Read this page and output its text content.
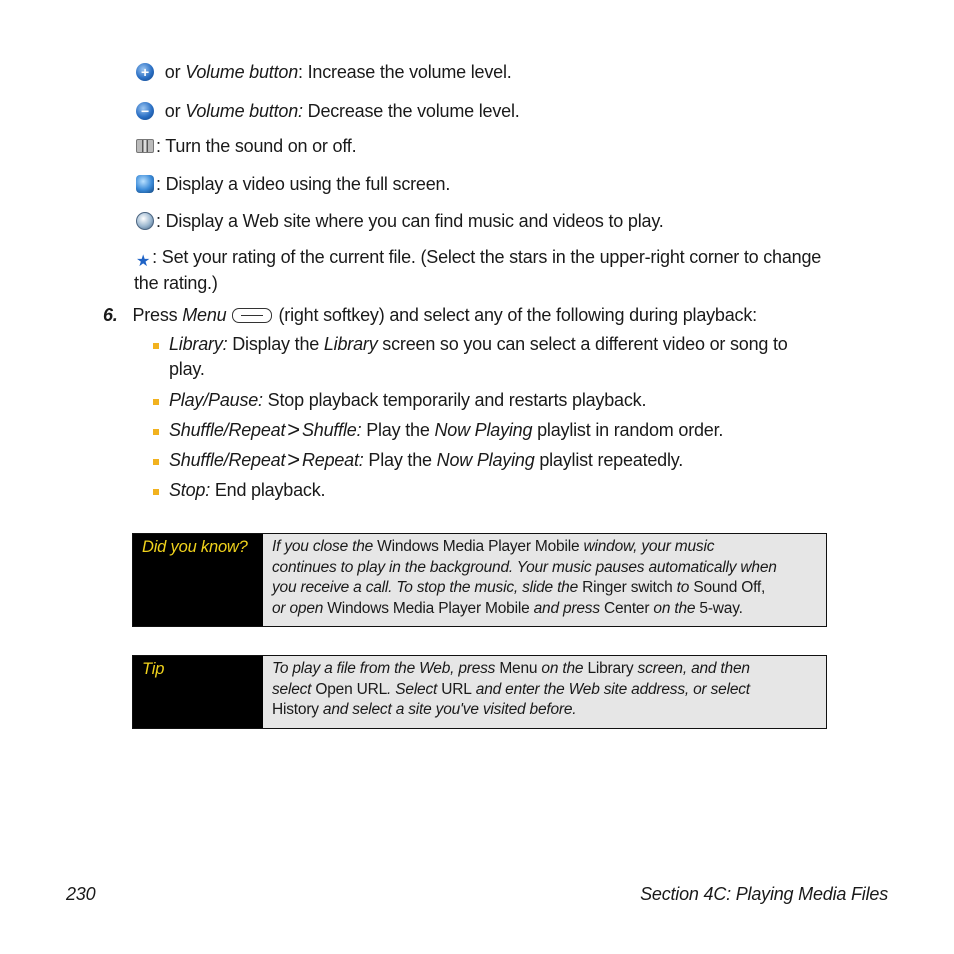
+ or Volume button: Increase the volume level.
− or Volume button: Decrease the volume level.
: Turn the sound on or off.
: Display a video using the full screen.
: Display a Web site where you can find music and videos to play.
★ : Set your rating of the current file. (Select the stars in the upper-right corner to change
the rating.)
6. Press Menu	(right softkey) and select any of the following during playback:
Library: Display the Library screen so you can select a different video or song to
play.
Play/Pause: Stop playback temporarily and restarts playback.
Shuffle/Repeat> Shuffle: Play the Now Playing playlist in random order.
Shuffle/Repeat> Repeat: Play the Now Playing playlist repeatedly.
Stop: End playback.
Did you know?	If you close the Windows Media Player Mobile window, your music
continues to play in the background. Your music pauses automatically when
you receive a call. To stop the music, slide the Ringer switch to Sound Off,
or open Windows Media Player Mobile and press Center on the 5-way.
Tip	To play a file from the Web, press Menu on the Library screen, and then
select Open URL. Select URL and enter the Web site address, or select
History and select a site you've visited before.
230	Section 4C: Playing Media Files
